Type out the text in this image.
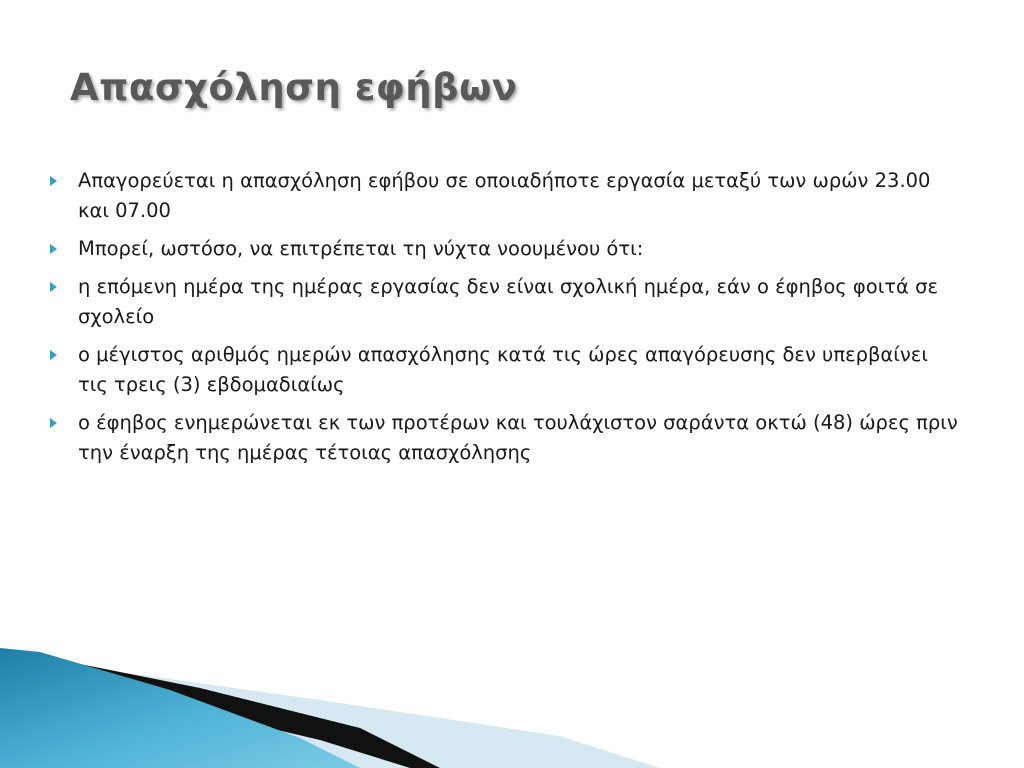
Απασχόληση εφήβων
Απαγορεύεται η απασχόληση εφήβου σε οποιαδήποτε εργασία μεταξύ των ωρών 23.00 και 07.00
Μπορεί, ωστόσο, να επιτρέπεται τη νύχτα νοουμένου ότι:
η επόμενη ημέρα της ημέρας εργασίας δεν είναι σχολική ημέρα, εάν ο έφηβος φοιτά σε σχολείο
ο μέγιστος αριθμός ημερών απασχόλησης κατά τις ώρες απαγόρευσης δεν υπερβαίνει τις τρεις (3) εβδομαδιαίως
ο έφηβος ενημερώνεται εκ των προτέρων και τουλάχιστον σαράντα οκτώ (48) ώρες πριν την έναρξη της ημέρας τέτοιας απασχόλησης
